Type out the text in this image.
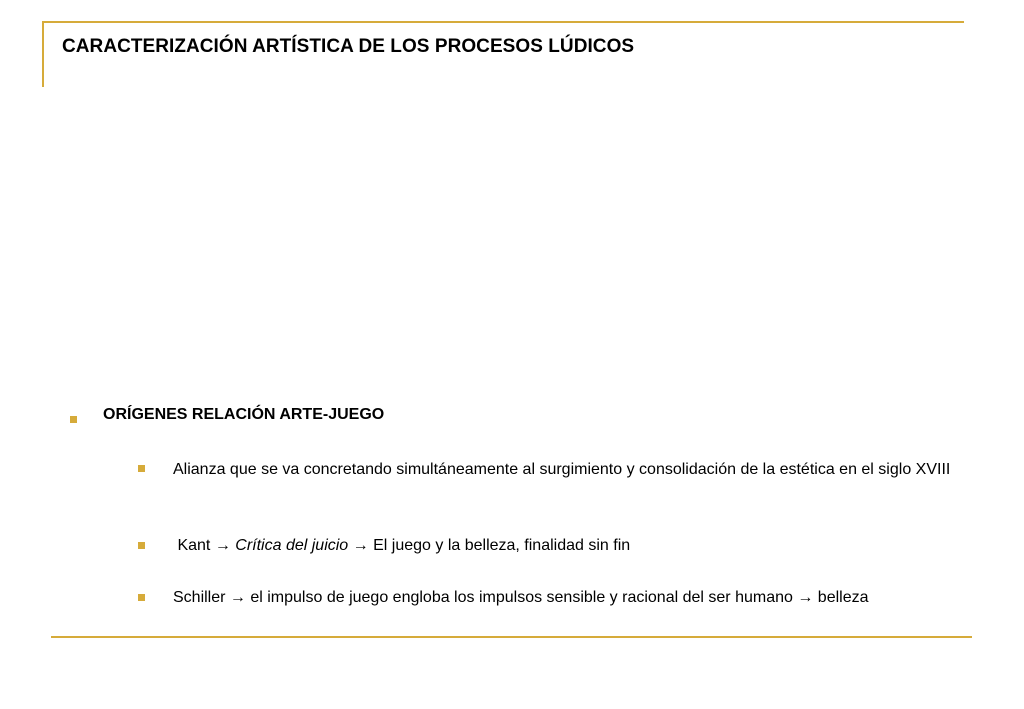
CARACTERIZACIÓN ARTÍSTICA DE LOS PROCESOS LÚDICOS
ORÍGENES RELACIÓN ARTE-JUEGO
Alianza que se va concretando simultáneamente al surgimiento y consolidación de la estética en el siglo XVIII
Kant → Crítica del juicio → El juego y la belleza, finalidad sin fin
Schiller → el impulso de juego engloba los impulsos sensible y racional del ser humano → belleza
